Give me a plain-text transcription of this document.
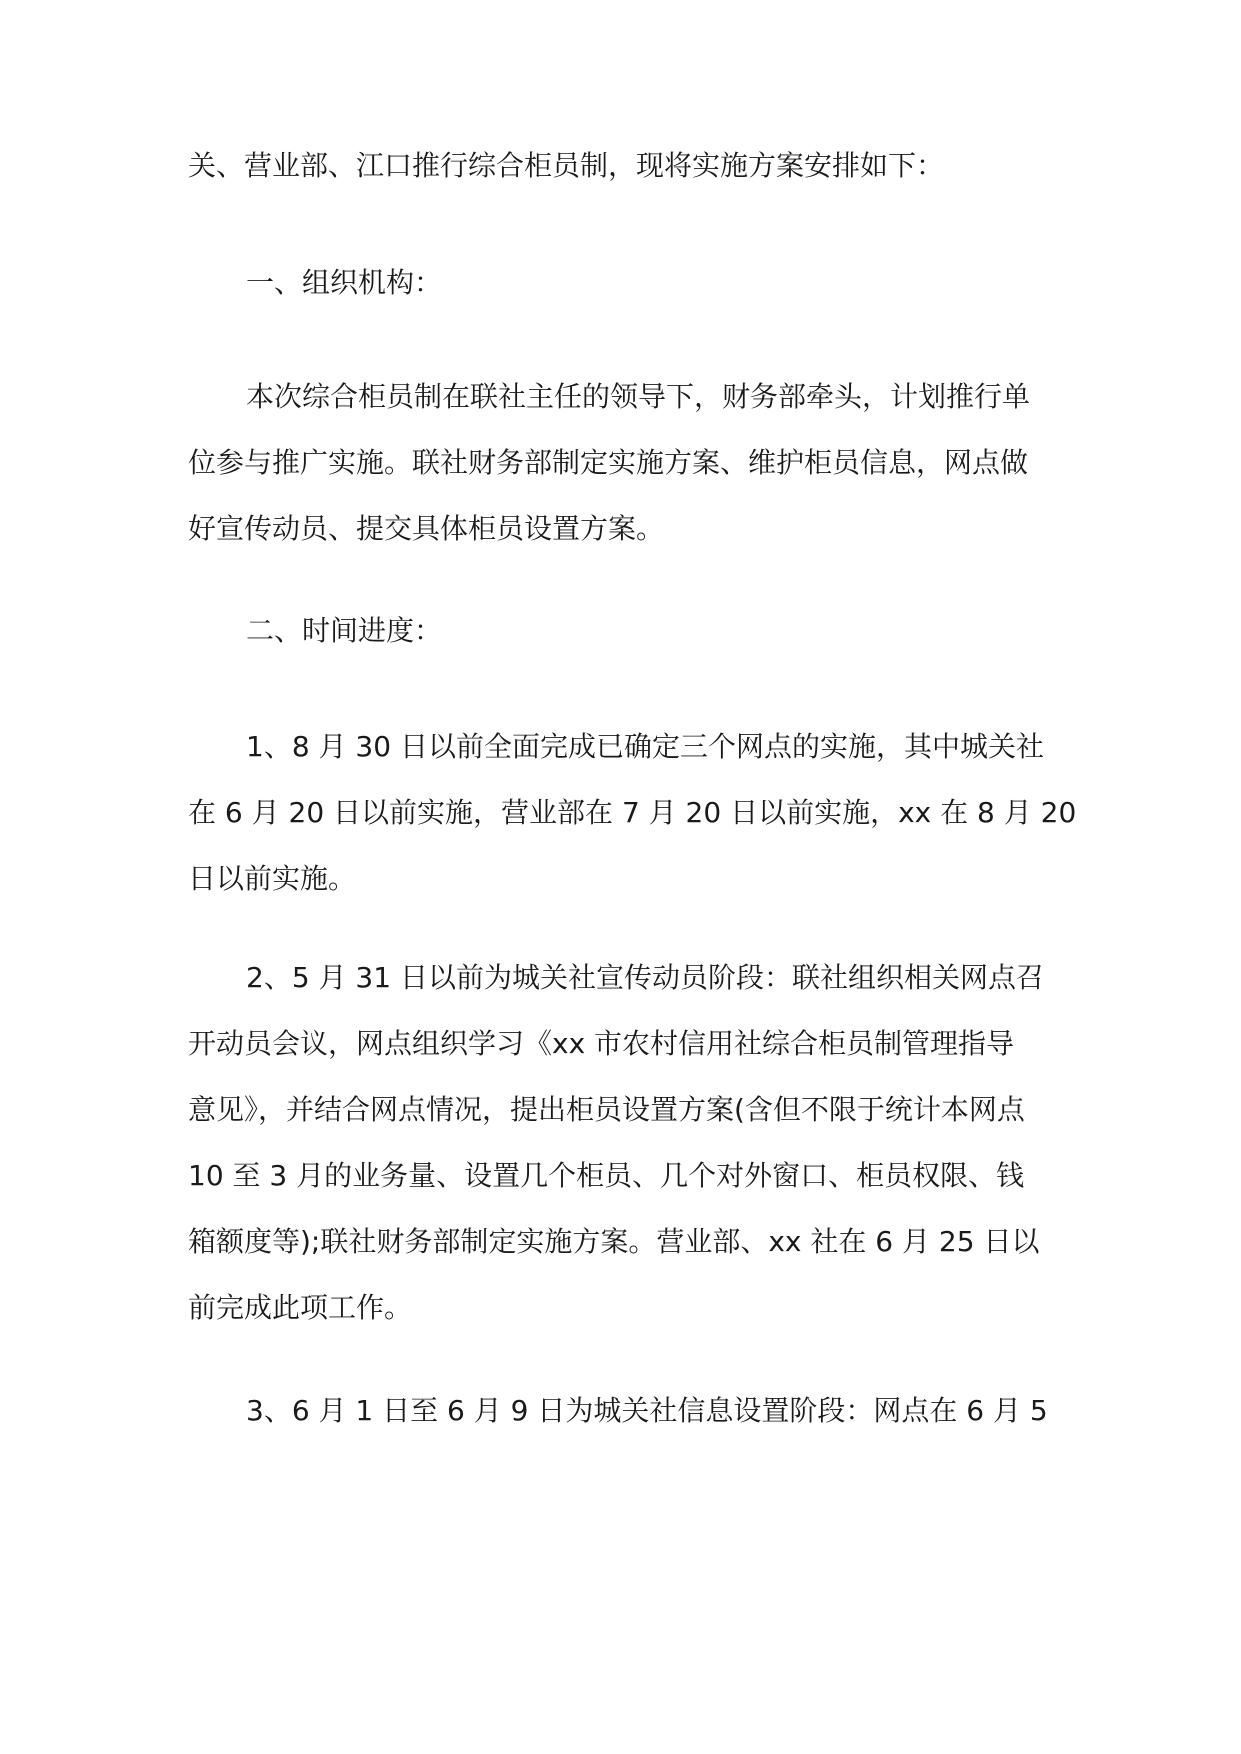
关、营业部、江口推行综合柜员制，现将实施方案安排如下：

一、组织机构：

本次综合柜员制在联社主任的领导下，财务部牵头，计划推行单
位参与推广实施。联社财务部制定实施方案、维护柜员信息，网点做
好宣传动员、提交具体柜员设置方案。

二、时间进度：

1、8 月 30 日以前全面完成已确定三个网点的实施，其中城关社
在 6 月 20 日以前实施，营业部在 7 月 20 日以前实施，xx 在 8 月 20
日以前实施。

2、5 月 31 日以前为城关社宣传动员阶段：联社组织相关网点召
开动员会议，网点组织学习《xx 市农村信用社综合柜员制管理指导
意见》，并结合网点情况，提出柜员设置方案(含但不限于统计本网点
10 至 3 月的业务量、设置几个柜员、几个对外窗口、柜员权限、钱
箱额度等);联社财务部制定实施方案。营业部、xx 社在 6 月 25 日以
前完成此项工作。

3、6 月 1 日至 6 月 9 日为城关社信息设置阶段：网点在 6 月 5
